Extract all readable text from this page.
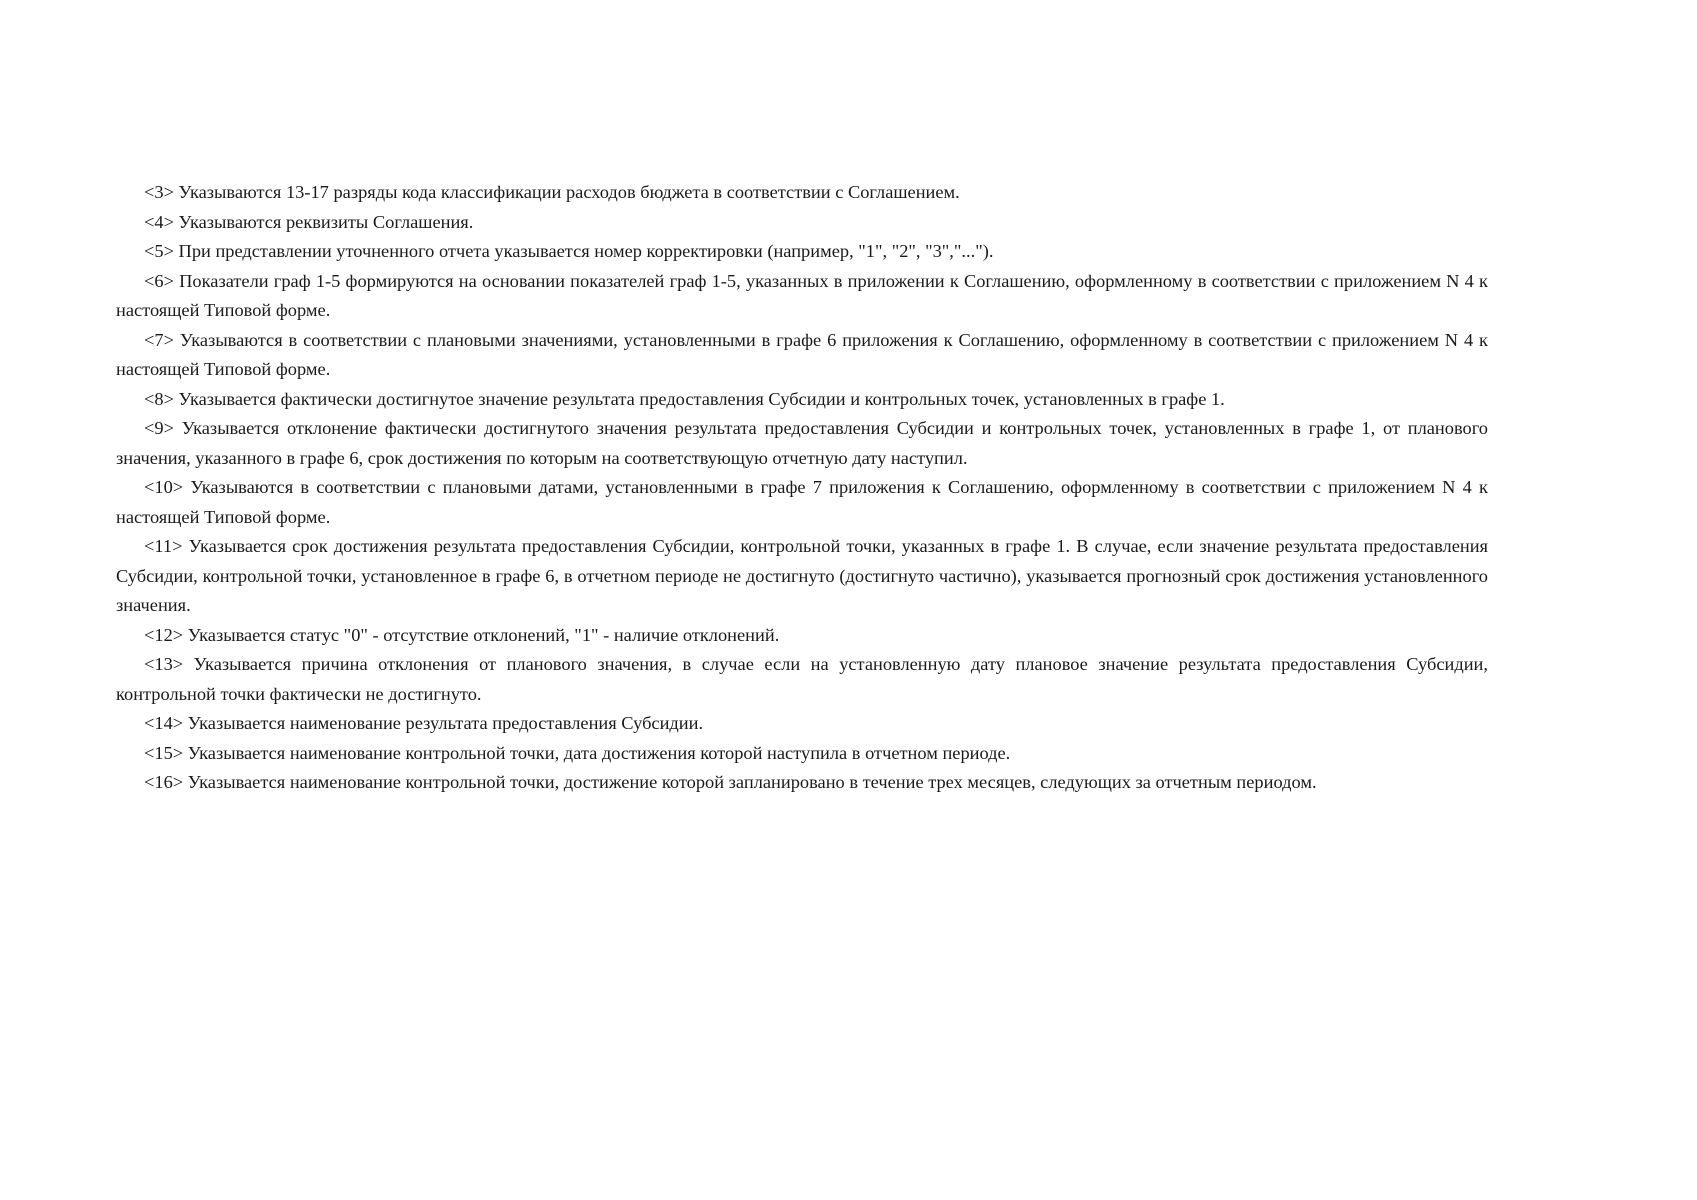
<3> Указываются 13-17 разряды кода классификации расходов бюджета в соответствии с Соглашением.

<4> Указываются реквизиты Соглашения.

<5> При представлении уточненного отчета указывается номер корректировки (например, "1", "2", "3","...").

<6> Показатели граф 1-5 формируются на основании показателей граф 1-5, указанных в приложении к Соглашению, оформленному в соответствии с приложением N 4 к настоящей Типовой форме.

<7> Указываются в соответствии с плановыми значениями, установленными в графе 6 приложения к Соглашению, оформленному в соответствии с приложением N 4 к настоящей Типовой форме.

<8> Указывается фактически достигнутое значение результата предоставления Субсидии и контрольных точек, установленных в графе 1.

<9> Указывается отклонение фактически достигнутого значения результата предоставления Субсидии и контрольных точек, установленных в графе 1, от планового значения, указанного в графе 6, срок достижения по которым на соответствующую отчетную дату наступил.

<10> Указываются в соответствии с плановыми датами, установленными в графе 7 приложения к Соглашению, оформленному в соответствии с приложением N 4 к настоящей Типовой форме.

<11> Указывается срок достижения результата предоставления Субсидии, контрольной точки, указанных в графе 1. В случае, если значение результата предоставления Субсидии, контрольной точки, установленное в графе 6, в отчетном периоде не достигнуто (достигнуто частично), указывается прогнозный срок достижения установленного значения.

<12> Указывается статус "0" - отсутствие отклонений, "1" - наличие отклонений.

<13> Указывается причина отклонения от планового значения, в случае если на установленную дату плановое значение результата предоставления Субсидии, контрольной точки фактически не достигнуто.

<14> Указывается наименование результата предоставления Субсидии.

<15> Указывается наименование контрольной точки, дата достижения которой наступила в отчетном периоде.

<16> Указывается наименование контрольной точки, достижение которой запланировано в течение трех месяцев, следующих за отчетным периодом.
